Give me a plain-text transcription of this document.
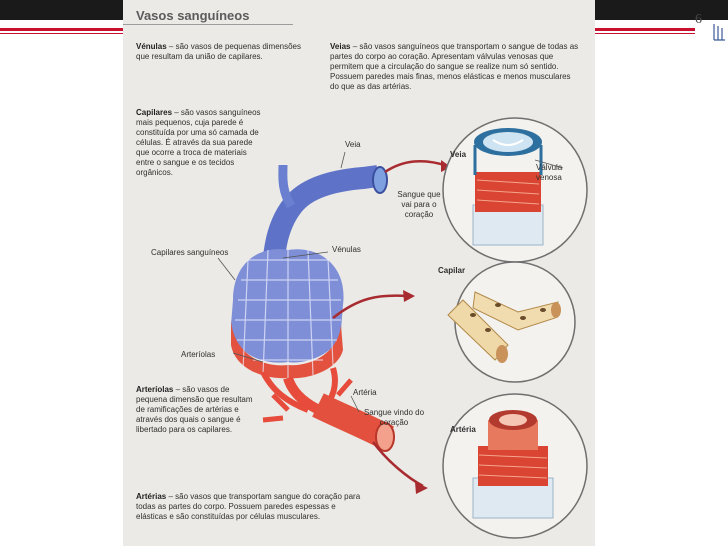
6
Vasos sanguíneos
Vénulas – são vasos de pequenas dimensões que resultam da união de capilares.
Veias – são vasos sanguíneos que transportam o sangue de todas as partes do corpo ao coração. Apresentam válvulas venosas que permitem que a circulação do sangue se realize num só sentido. Possuem paredes mais finas, menos elásticas e menos musculares do que as das artérias.
Capilares – são vasos sanguíneos mais pequenos, cuja parede é constituída por uma só camada de células. É através da sua parede que ocorre a troca de materiais entre o sangue e os tecidos orgânicos.
Arteríolas – são vasos de pequena dimensão que resultam de ramificações de artérias e através dos quais o sangue é libertado para os capilares.
Artérias – são vasos que transportam sangue do coração para todas as partes do corpo. Possuem paredes espessas e elásticas e são constituídas por células musculares.
Veia
Sangue que vai para o coração
Vénulas
Capilares sanguíneos
Arteríolas
Artéria
Sangue vindo do coração
Veia
Válvula venosa
Capilar
Artéria
